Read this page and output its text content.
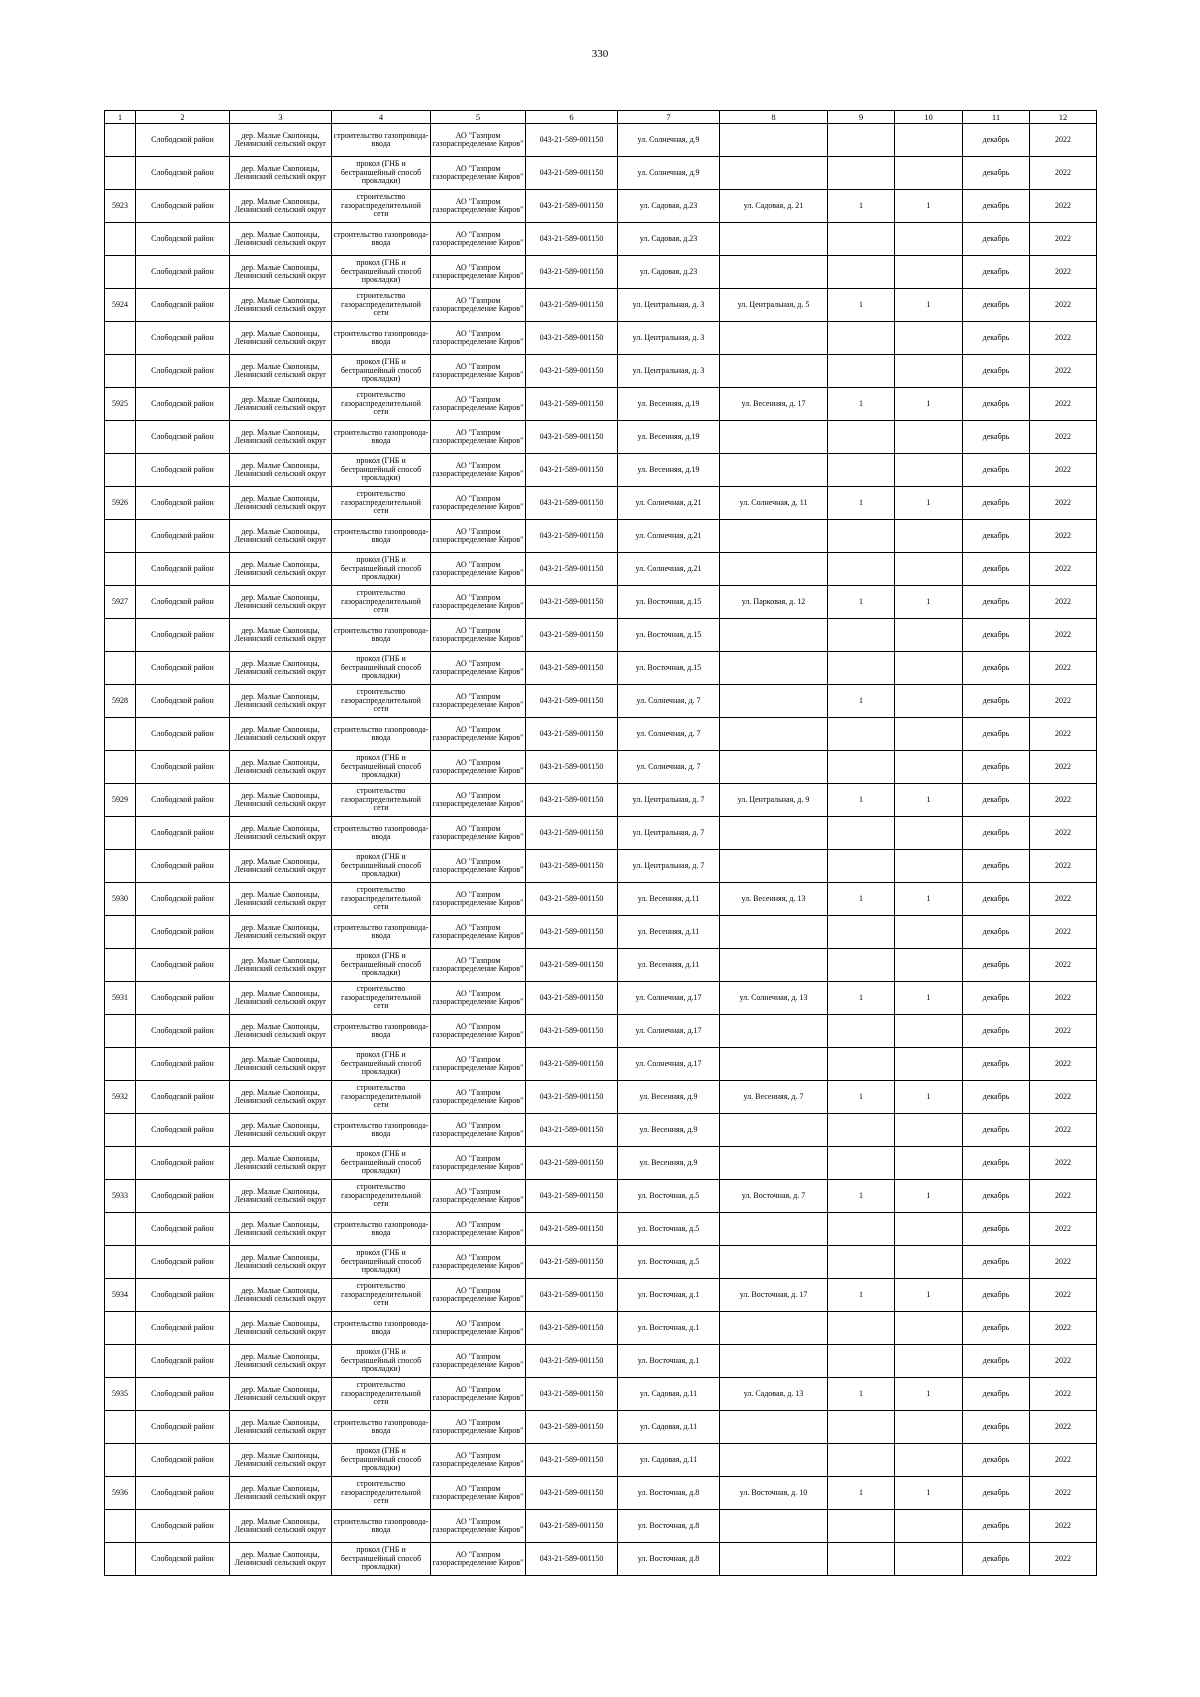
330
1	2	3	4	5	6	7	8	9	10	11	12

	Слободской район	дер. Малые Скопонцы, Ленинский сельский округ	строительство газопровода-ввода	АО "Газпром газораспределение Киров"	043-21-589-001150	ул. Солнечная, д.9				декабрь	2022

	Слободской район	дер. Малые Скопонцы, Ленинский сельский округ	прокол (ГНБ и бестраншейный способ прокладки)	АО "Газпром газораспределение Киров"	043-21-589-001150	ул. Солнечная, д.9				декабрь	2022

5923	Слободской район	дер. Малые Скопонцы, Ленинский сельский округ	строительство газораспределительной сети	АО "Газпром газораспределение Киров"	043-21-589-001150	ул. Садовая, д.23	ул. Садовая, д. 21	1	1	декабрь	2022

	Слободской район	дер. Малые Скопонцы, Ленинский сельский округ	строительство газопровода-ввода	АО "Газпром газораспределение Киров"	043-21-589-001150	ул. Садовая, д.23				декабрь	2022

	Слободской район	дер. Малые Скопонцы, Ленинский сельский округ	прокол (ГНБ и бестраншейный способ прокладки)	АО "Газпром газораспределение Киров"	043-21-589-001150	ул. Садовая, д.23				декабрь	2022

5924	Слободской район	дер. Малые Скопонцы, Ленинский сельский округ	строительство газораспределительной сети	АО "Газпром газораспределение Киров"	043-21-589-001150	ул. Центральная, д. 3	ул. Центральная, д. 5	1	1	декабрь	2022

	Слободской район	дер. Малые Скопонцы, Ленинский сельский округ	строительство газопровода-ввода	АО "Газпром газораспределение Киров"	043-21-589-001150	ул. Центральная, д. 3				декабрь	2022

	Слободской район	дер. Малые Скопонцы, Ленинский сельский округ	прокол (ГНБ и бестраншейный способ прокладки)	АО "Газпром газораспределение Киров"	043-21-589-001150	ул. Центральная, д. 3				декабрь	2022

5925	Слободской район	дер. Малые Скопонцы, Ленинский сельский округ	строительство газораспределительной сети	АО "Газпром газораспределение Киров"	043-21-589-001150	ул. Весенняя, д.19	ул. Весенняя, д. 17	1	1	декабрь	2022

	Слободской район	дер. Малые Скопонцы, Ленинский сельский округ	строительство газопровода-ввода	АО "Газпром газораспределение Киров"	043-21-589-001150	ул. Весенняя, д.19				декабрь	2022

	Слободской район	дер. Малые Скопонцы, Ленинский сельский округ	прокол (ГНБ и бестраншейный способ прокладки)	АО "Газпром газораспределение Киров"	043-21-589-001150	ул. Весенняя, д.19				декабрь	2022

5926	Слободской район	дер. Малые Скопонцы, Ленинский сельский округ	строительство газораспределительной сети	АО "Газпром газораспределение Киров"	043-21-589-001150	ул. Солнечная, д.21	ул. Солнечная, д. 11	1	1	декабрь	2022

	Слободской район	дер. Малые Скопонцы, Ленинский сельский округ	строительство газопровода-ввода	АО "Газпром газораспределение Киров"	043-21-589-001150	ул. Солнечная, д.21				декабрь	2022

	Слободской район	дер. Малые Скопонцы, Ленинский сельский округ	прокол (ГНБ и бестраншейный способ прокладки)	АО "Газпром газораспределение Киров"	043-21-589-001150	ул. Солнечная, д.21				декабрь	2022

5927	Слободской район	дер. Малые Скопонцы, Ленинский сельский округ	строительство газораспределительной сети	АО "Газпром газораспределение Киров"	043-21-589-001150	ул. Восточная, д.15	ул. Парковая, д. 12	1	1	декабрь	2022

	Слободской район	дер. Малые Скопонцы, Ленинский сельский округ	строительство газопровода-ввода	АО "Газпром газораспределение Киров"	043-21-589-001150	ул. Восточная, д.15				декабрь	2022

	Слободской район	дер. Малые Скопонцы, Ленинский сельский округ	прокол (ГНБ и бестраншейный способ прокладки)	АО "Газпром газораспределение Киров"	043-21-589-001150	ул. Восточная, д.15				декабрь	2022

5928	Слободской район	дер. Малые Скопонцы, Ленинский сельский округ	строительство газораспределительной сети	АО "Газпром газораспределение Киров"	043-21-589-001150	ул. Солнечная, д. 7		1		декабрь	2022

	Слободской район	дер. Малые Скопонцы, Ленинский сельский округ	строительство газопровода-ввода	АО "Газпром газораспределение Киров"	043-21-589-001150	ул. Солнечная, д. 7				декабрь	2022

	Слободской район	дер. Малые Скопонцы, Ленинский сельский округ	прокол (ГНБ и бестраншейный способ прокладки)	АО "Газпром газораспределение Киров"	043-21-589-001150	ул. Солнечная, д. 7				декабрь	2022

5929	Слободской район	дер. Малые Скопонцы, Ленинский сельский округ	строительство газораспределительной сети	АО "Газпром газораспределение Киров"	043-21-589-001150	ул. Центральная, д. 7	ул. Центральная, д. 9	1	1	декабрь	2022

	Слободской район	дер. Малые Скопонцы, Ленинский сельский округ	строительство газопровода-ввода	АО "Газпром газораспределение Киров"	043-21-589-001150	ул. Центральная, д. 7				декабрь	2022

	Слободской район	дер. Малые Скопонцы, Ленинский сельский округ	прокол (ГНБ и бестраншейный способ прокладки)	АО "Газпром газораспределение Киров"	043-21-589-001150	ул. Центральная, д. 7				декабрь	2022

5930	Слободской район	дер. Малые Скопонцы, Ленинский сельский округ	строительство газораспределительной сети	АО "Газпром газораспределение Киров"	043-21-589-001150	ул. Весенняя, д.11	ул. Весенняя, д. 13	1	1	декабрь	2022

	Слободской район	дер. Малые Скопонцы, Ленинский сельский округ	строительство газопровода-ввода	АО "Газпром газораспределение Киров"	043-21-589-001150	ул. Весенняя, д.11				декабрь	2022

	Слободской район	дер. Малые Скопонцы, Ленинский сельский округ	прокол (ГНБ и бестраншейный способ прокладки)	АО "Газпром газораспределение Киров"	043-21-589-001150	ул. Весенняя, д.11				декабрь	2022

5931	Слободской район	дер. Малые Скопонцы, Ленинский сельский округ	строительство газораспределительной сети	АО "Газпром газораспределение Киров"	043-21-589-001150	ул. Солнечная, д.17	ул. Солнечная, д. 13	1	1	декабрь	2022

	Слободской район	дер. Малые Скопонцы, Ленинский сельский округ	строительство газопровода-ввода	АО "Газпром газораспределение Киров"	043-21-589-001150	ул. Солнечная, д.17				декабрь	2022

	Слободской район	дер. Малые Скопонцы, Ленинский сельский округ	прокол (ГНБ и бестраншейный способ прокладки)	АО "Газпром газораспределение Киров"	043-21-589-001150	ул. Солнечная, д.17				декабрь	2022

5932	Слободской район	дер. Малые Скопонцы, Ленинский сельский округ	строительство газораспределительной сети	АО "Газпром газораспределение Киров"	043-21-589-001150	ул. Весенняя, д.9	ул. Весенняя, д. 7	1	1	декабрь	2022

	Слободской район	дер. Малые Скопонцы, Ленинский сельский округ	строительство газопровода-ввода	АО "Газпром газораспределение Киров"	043-21-589-001150	ул. Весенняя, д.9				декабрь	2022

	Слободской район	дер. Малые Скопонцы, Ленинский сельский округ	прокол (ГНБ и бестраншейный способ прокладки)	АО "Газпром газораспределение Киров"	043-21-589-001150	ул. Весенняя, д.9				декабрь	2022

5933	Слободской район	дер. Малые Скопонцы, Ленинский сельский округ	строительство газораспределительной сети	АО "Газпром газораспределение Киров"	043-21-589-001150	ул. Восточная, д.5	ул. Восточная, д. 7	1	1	декабрь	2022

	Слободской район	дер. Малые Скопонцы, Ленинский сельский округ	строительство газопровода-ввода	АО "Газпром газораспределение Киров"	043-21-589-001150	ул. Восточная, д.5				декабрь	2022

	Слободской район	дер. Малые Скопонцы, Ленинский сельский округ	прокол (ГНБ и бестраншейный способ прокладки)	АО "Газпром газораспределение Киров"	043-21-589-001150	ул. Восточная, д.5				декабрь	2022

5934	Слободской район	дер. Малые Скопонцы, Ленинский сельский округ	строительство газораспределительной сети	АО "Газпром газораспределение Киров"	043-21-589-001150	ул. Восточная, д.1	ул. Восточная, д. 17	1	1	декабрь	2022

	Слободской район	дер. Малые Скопонцы, Ленинский сельский округ	строительство газопровода-ввода	АО "Газпром газораспределение Киров"	043-21-589-001150	ул. Восточная, д.1				декабрь	2022

	Слободской район	дер. Малые Скопонцы, Ленинский сельский округ	прокол (ГНБ и бестраншейный способ прокладки)	АО "Газпром газораспределение Киров"	043-21-589-001150	ул. Восточная, д.1				декабрь	2022

5935	Слободской район	дер. Малые Скопонцы, Ленинский сельский округ	строительство газораспределительной сети	АО "Газпром газораспределение Киров"	043-21-589-001150	ул. Садовая, д.11	ул. Садовая, д. 13	1	1	декабрь	2022

	Слободской район	дер. Малые Скопонцы, Ленинский сельский округ	строительство газопровода-ввода	АО "Газпром газораспределение Киров"	043-21-589-001150	ул. Садовая, д.11				декабрь	2022

	Слободской район	дер. Малые Скопонцы, Ленинский сельский округ	прокол (ГНБ и бестраншейный способ прокладки)	АО "Газпром газораспределение Киров"	043-21-589-001150	ул. Садовая, д.11				декабрь	2022

5936	Слободской район	дер. Малые Скопонцы, Ленинский сельский округ	строительство газораспределительной сети	АО "Газпром газораспределение Киров"	043-21-589-001150	ул. Восточная, д.8	ул. Восточная, д. 10	1	1	декабрь	2022

	Слободской район	дер. Малые Скопонцы, Ленинский сельский округ	строительство газопровода-ввода	АО "Газпром газораспределение Киров"	043-21-589-001150	ул. Восточная, д.8				декабрь	2022

	Слободской район	дер. Малые Скопонцы, Ленинский сельский округ	прокол (ГНБ и бестраншейный способ прокладки)	АО "Газпром газораспределение Киров"	043-21-589-001150	ул. Восточная, д.8				декабрь	2022
